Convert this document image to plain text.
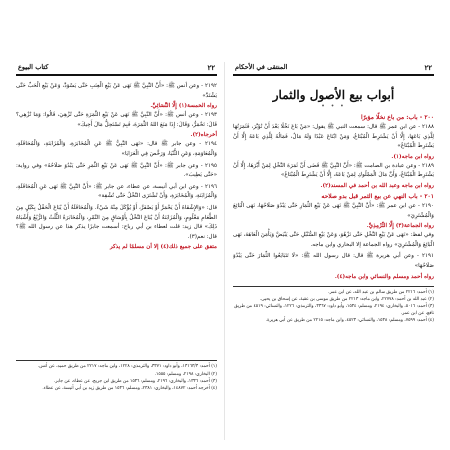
٢٢
كتاب البيوع

٢١٩٢ - وعن أنس ﷺ: «أَنَّ النَّبِيَّ ﷺ نَهَى عَنْ بَيْعِ الْعِنَبِ حَتَّى يَسْوَدَّ، وَعَنْ بَيْعِ الْحَبِّ حَتَّى يَشْتَدَّ»

رواه الخمسة(١) إِلَّا النَّسَائِيَّ.

٢١٩٣ - وعن أنس ﷺ: «أَنَّ النَّبِيَّ ﷺ نَهَى عَنْ بَيْعِ الثَّمَرَةِ حَتَّى تُزْهِيَ، قَالُوا: وَمَا تُزْهِي؟ قَالَ: تَحْمَرُّ، وَقَالَ: إِذَا مَنَعَ اللهُ الثَّمَرَةَ، فَبِمَ تَسْتَحِلُّ مَالَ أَخِيكَ»

أخرجاه(٢).

٢١٩٤ - وعن جابر ﷺ قال: «نَهَى النَّبِيُّ ﷺ عَنِ الْمُخَابَرَةِ، وَالْمُزَابَنَةِ، وَالْمُحَاقَلَةِ، وَالْمُعَاوَمَةِ، وَعَنِ الثُّنْيَا، وَرَخَّصَ فِي الْعَرَايَا»

٢١٩٥ - وعن جابر ﷺ: «أَنَّ النَّبِيَّ ﷺ نَهَى عَنْ بَيْعِ الثَّمَرِ حَتَّى يَبْدُوَ صَلَاحُهُ» وفي رواية: «حَتَّى يَطِيبَ».

٢١٩٦ - وعن ابن أبي أنيسة، عن عطاء، عن جابر ﷺ: «أَنَّ النَّبِيَّ ﷺ نَهَى عَنِ الْمُحَاقَلَةِ، وَالْمُزَابَنَةِ، وَالْمُخَابَرَةِ، وَأَنْ تُشْتَرَى النَّخْلُ حَتَّى تُشْقِهَ»

قال: «وَالإِشْقَاهُ أَنْ يَحْمَرَّ أَوْ يَصْفَرَّ، أَوْ يُؤْكَلَ مِنْهُ شَيْءٌ. وَالْمُحَاقَلَةُ أَنْ يُبَاعَ الْحَقْلُ بِكَيْلٍ مِنَ الطَّعَامِ مَعْلُومٍ، وَالْمُزَابَنَةُ أَنْ يُبَاعَ النَّخْلُ بِأَوْسَاقٍ مِنَ التَّمْرِ، وَالْمُخَابَرَةُ الثُّلُثُ وَالرُّبُعُ وَأَشْبَاهُ ذَلِكَ» قال زيد: قلت لعطاء بن أبي رباح: أسمعت جابرًا يذكر هذا عن رسول الله ﷺ؟ قال: نعم(٣).

متفق على جميع ذلك(٤) إلا أن مسلمًا لم يذكر

(١) أحمد: ١٣١٦٣/٣، وأبو داود: ٣٣٧١، والترمذي: ١٢٢٨، وابن ماجه: ٢٢١٧ من طريق حميد، عن أنس.

(٢) البخاري: ٢١٩٨، ومسلم: ١٥٥٥.

(٣) أحمد: ١٣٣٦، والبخاري: ٢١٩٦، ومسلم: ١٥٣٦ من طريق ابن جريج، عن عطاء، عن جابر.

(٤) أخرجه أحمد: ١٤٨٧٢، والبخاري: ٢٣٨١، ومسلم: ١٥٣٦ من طريق زيد بن أبي أنيسة، عن عطاء.

٢٢
المنتقى في الأحكام
أبواب بيع الأصول والثمار
• • •
٢٠٠ - باب: من باع نخلًا مؤبرًا

٢١٨٨ - عن ابن عمر ﷺ قال: سمعت النبي ﷺ يقول: «مَنْ بَاعَ نَخْلًا بَعْدَ أَنْ تُؤَبَّرَ، فَثَمَرَتُهَا لِلَّذِي بَاعَهَا، إِلَّا أَنْ يَشْتَرِطَ الْمُبْتَاعُ، وَمَنْ ابْتَاعَ عَبْدًا وَلَهُ مَالٌ، فَمَالُهُ لِلَّذِي بَاعَهُ إِلَّا أَنْ يَشْتَرِطَ الْمُبْتَاعُ»

رواه ابن ماجه(١).

٢١٨٩ - وعن عبادة بن الصامت ﷺ: «أَنَّ النَّبِيَّ ﷺ قَضَى أَنَّ ثَمَرَةَ النَّخْلِ لِمَنْ أَبَّرَهَا، إِلَّا أَنْ يَشْتَرِطَ الْمُبْتَاعُ، وَأَنَّ مَالَ الْمَمْلُوكِ لِمَنْ بَاعَهُ، إِلَّا أَنْ يَشْتَرِطَ الْمُبْتَاعُ»

رواه ابن ماجه وعبد الله بن أحمد في المسند(٢).

٢٠١ - باب النهي عن بيع الثمر قبل بدو صلاحه

٢١٩٠ - عن ابن عمر ﷺ: «أَنَّ النَّبِيَّ ﷺ نَهَى عَنْ بَيْعِ الثِّمَارِ حَتَّى يَبْدُوَ صَلَاحُهَا، نَهَى الْبَائِعَ وَالْمُشْتَرِيَ»

رواه الجماعة(٣) إِلَّا التِّرْمِذِيَّ.

وفي لفظ: «نَهَى عَنْ بَيْعِ النَّخْلِ حَتَّى تَزْهُوَ، وَعَنْ بَيْعِ السُّنْبُلِ حَتَّى يَبْيَضَّ وَيَأْمَنَ الْعَاهَةَ، نَهَى الْبَائِعَ وَالْمُشْتَرِيَ» رواه الجماعة إلا البخاري وابن ماجه.

٢١٩١ - وعن أبي هريرة ﷺ قال: قال رسول الله ﷺ: «لَا تَتَبَايَعُوا الثِّمَارَ حَتَّى يَبْدُوَ صَلَاحُهَا»

رواه أحمد ومسلم والنسائي وابن ماجه(٤).

(١) أحمد: ٢٢١٦ من طريق سالم بن عبد الله، عن ابن عمر.

(٢) عبد الله بن أحمد: ٢٢٧٧٨، وابن ماجه: ٢٢١٣ من طريق موسى بن عقبة، عن إسحاق بن يحيى.

(٣) أحمد: ٥٠١٦، والبخاري: ٢١٩٤، ومسلم: ١٥٣٤، وأبو داود: ٣٣٦٧، والترمذي: ١٢٢٦، والنسائي: ٤٥١٩ من طريق نافع، عن ابن عمر.

(٤) أحمد: ٧٥٩٩، ومسلم: ١٥٣٨، والنسائي: ٤٥٢٣، وابن ماجه: ٢٢١٥ من طريق عن أبي هريرة.
